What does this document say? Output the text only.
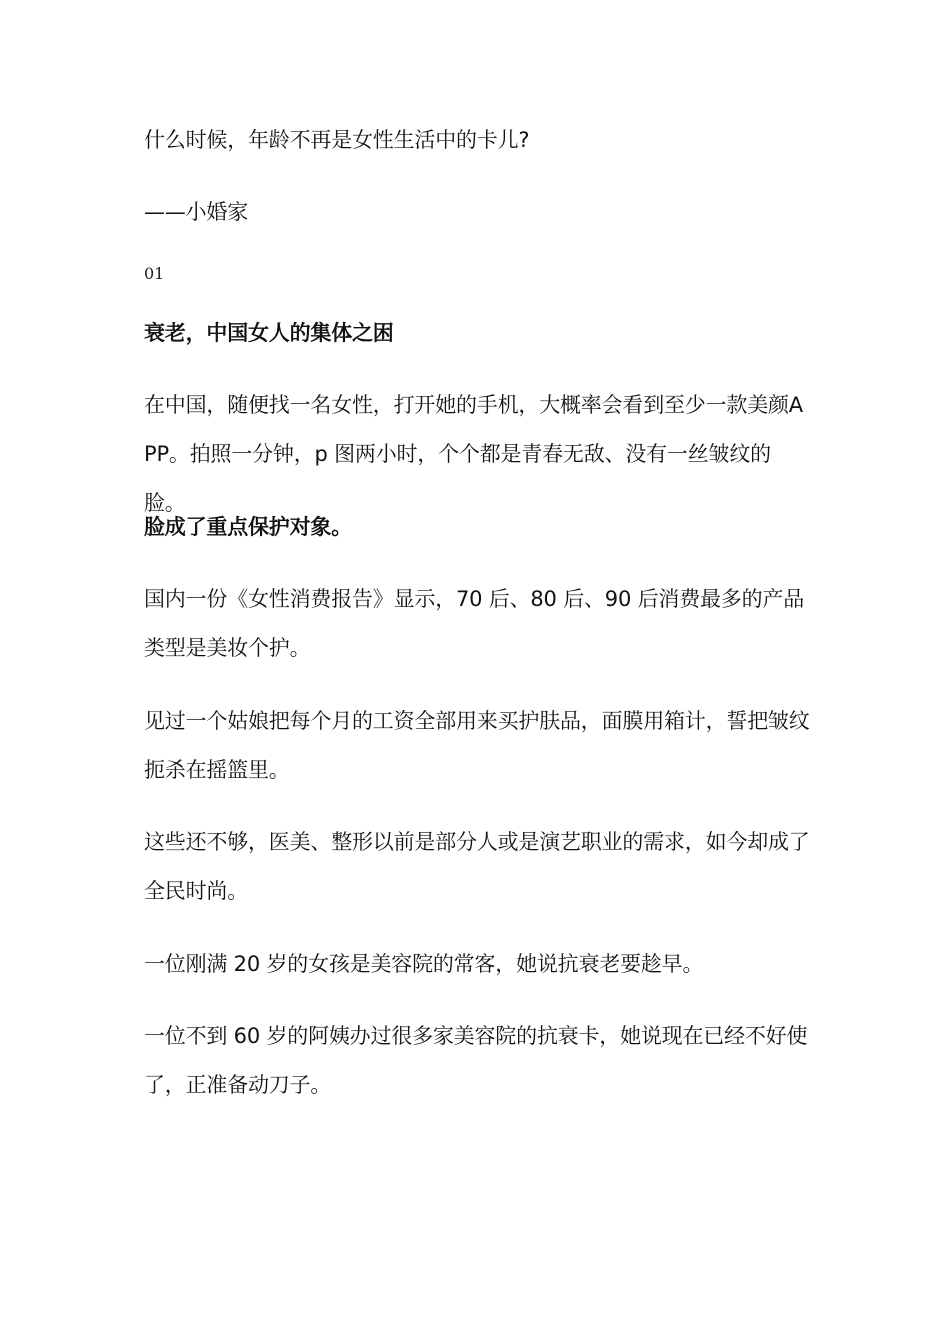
什么时候，年龄不再是女性生活中的卡儿?

——小婚家

01

衰老，中国女人的集体之困

在中国，随便找一名女性，打开她的手机，大概率会看到至少一款美颜APP。拍照一分钟，p 图两小时，个个都是青春无敌、没有一丝皱纹的脸。

脸成了重点保护对象。

国内一份《女性消费报告》显示，70 后、80 后、90 后消费最多的产品类型是美妆个护。

见过一个姑娘把每个月的工资全部用来买护肤品，面膜用箱计，誓把皱纹扼杀在摇篮里。

这些还不够，医美、整形以前是部分人或是演艺职业的需求，如今却成了全民时尚。

一位刚满 20 岁的女孩是美容院的常客，她说抗衰老要趁早。

一位不到 60 岁的阿姨办过很多家美容院的抗衰卡，她说现在已经不好使了，正准备动刀子。
